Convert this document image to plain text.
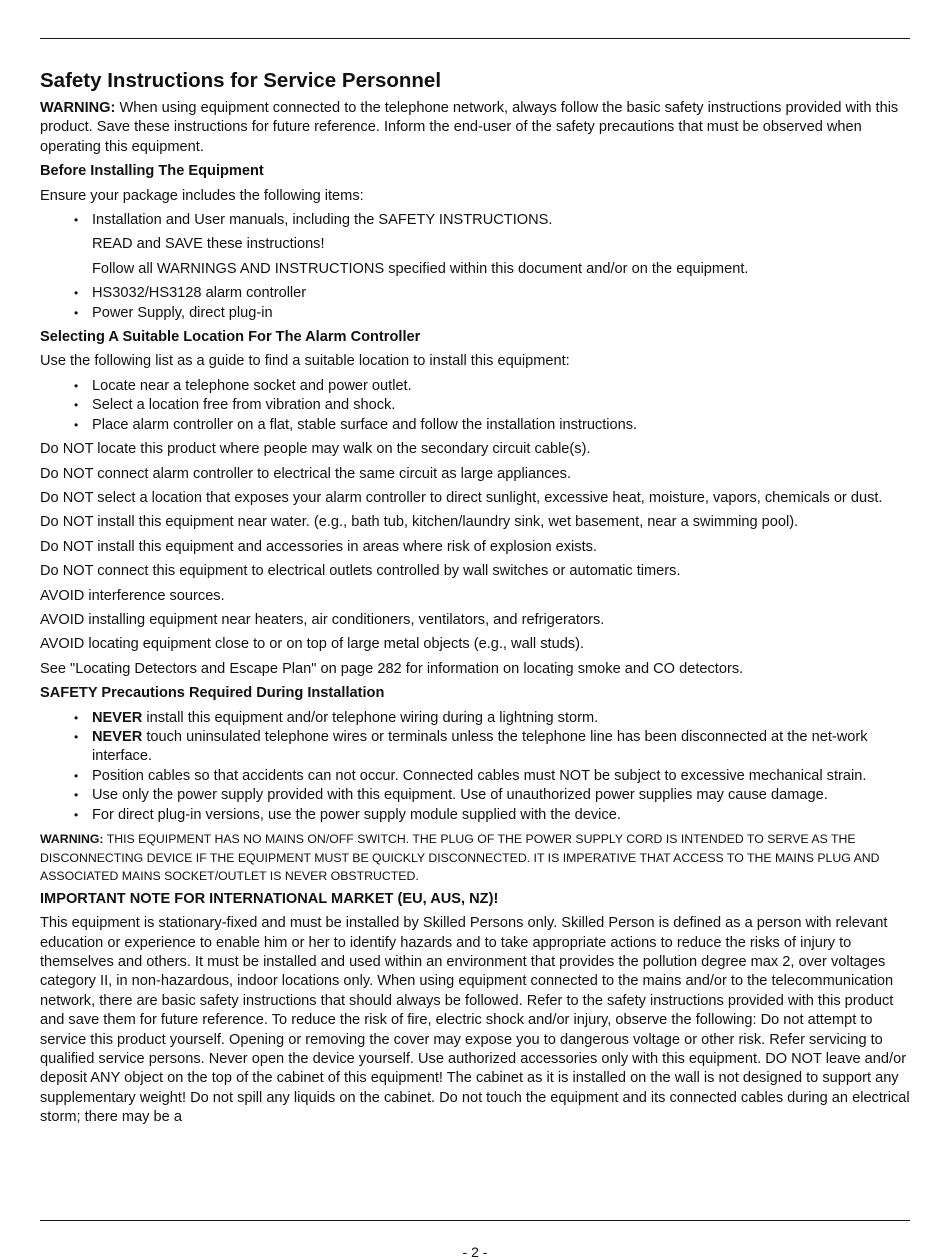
Safety Instructions for Service Personnel

WARNING: When using equipment connected to the telephone network, always follow the basic safety instructions provided with this product. Save these instructions for future reference. Inform the end-user of the safety precautions that must be observed when operating this equipment.

Before Installing The Equipment

Ensure your package includes the following items:

• Installation and User manuals, including the SAFETY INSTRUCTIONS.
READ and SAVE these instructions!
Follow all WARNINGS AND INSTRUCTIONS specified within this document and/or on the equipment.
• HS3032/HS3128 alarm controller
• Power Supply, direct plug-in
Selecting A Suitable Location For The Alarm Controller

Use the following list as a guide to find a suitable location to install this equipment:

• Locate near a telephone socket and power outlet.
• Select a location free from vibration and shock.
• Place alarm controller on a flat, stable surface and follow the installation instructions.

Do NOT locate this product where people may walk on the secondary circuit cable(s).

Do NOT connect alarm controller to electrical the same circuit as large appliances.

Do NOT select a location that exposes your alarm controller to direct sunlight, excessive heat, moisture, vapors, chemicals or dust.

Do NOT install this equipment near water. (e.g., bath tub, kitchen/laundry sink, wet basement, near a swimming pool).

Do NOT install this equipment and accessories in areas where risk of explosion exists.

Do NOT connect this equipment to electrical outlets controlled by wall switches or automatic timers.

AVOID interference sources.

AVOID installing equipment near heaters, air conditioners, ventilators, and refrigerators.

AVOID locating equipment close to or on top of large metal objects (e.g., wall studs).

See "Locating Detectors and Escape Plan" on page 282 for information on locating smoke and CO detectors.

SAFETY Precautions Required During Installation
• NEVER install this equipment and/or telephone wiring during a lightning storm.
• NEVER touch uninsulated telephone wires or terminals unless the telephone line has been disconnected at the net-work interface.
• Position cables so that accidents can not occur. Connected cables must NOT be subject to excessive mechanical strain.
• Use only the power supply provided with this equipment. Use of unauthorized power supplies may cause damage.
• For direct plug-in versions, use the power supply module supplied with the device.

WARNING: THIS EQUIPMENT HAS NO MAINS ON/OFF SWITCH. THE PLUG OF THE POWER SUPPLY CORD IS INTENDED TO SERVE AS THE DISCONNECTING DEVICE IF THE EQUIPMENT MUST BE QUICKLY DISCONNECTED. IT IS IMPERATIVE THAT ACCESS TO THE MAINS PLUG AND ASSOCIATED MAINS SOCKET/OUTLET IS NEVER OBSTRUCTED.

IMPORTANT NOTE FOR INTERNATIONAL MARKET (EU, AUS, NZ)!

This equipment is stationary-fixed and must be installed by Skilled Persons only. Skilled Person is defined as a person with relevant education or experience to enable him or her to identify hazards and to take appropriate actions to reduce the risks of injury to themselves and others. It must be installed and used within an environment that provides the pollution degree max 2, over voltages category II, in non-hazardous, indoor locations only. When using equipment connected to the mains and/or to the telecommunication network, there are basic safety instructions that should always be followed. Refer to the safety instructions provided with this product and save them for future reference. To reduce the risk of fire, electric shock and/or injury, observe the following: Do not attempt to service this product yourself. Opening or removing the cover may expose you to dangerous voltage or other risk. Refer servicing to qualified service persons. Never open the device yourself. Use authorized accessories only with this equipment. DO NOT leave and/or deposit ANY object on the top of the cabinet of this equipment! The cabinet as it is installed on the wall is not designed to support any supplementary weight! Do not spill any liquids on the cabinet. Do not touch the equipment and its connected cables during an electrical storm; there may be a

- 2 -
